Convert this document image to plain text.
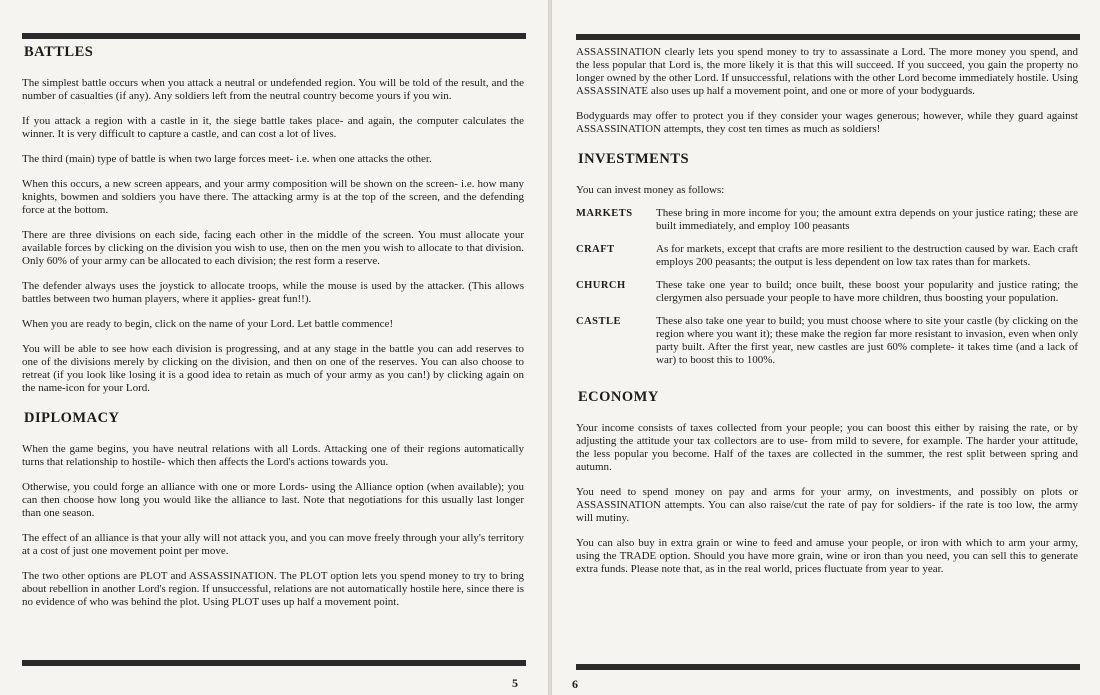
BATTLES

The simplest battle occurs when you attack a neutral or undefended region. You will be told of the result, and the number of casualties (if any). Any soldiers left from the neutral country become yours if you win.

If you attack a region with a castle in it, the siege battle takes place- and again, the computer calculates the winner. It is very difficult to capture a castle, and can cost a lot of lives.

The third (main) type of battle is when two large forces meet- i.e. when one attacks the other.

When this occurs, a new screen appears, and your army composition will be shown on the screen- i.e. how many knights, bowmen and soldiers you have there. The attacking army is at the top of the screen, and the defending force at the bottom.

There are three divisions on each side, facing each other in the middle of the screen. You must allocate your available forces by clicking on the division you wish to use, then on the men you wish to allocate to that division. Only 60% of your army can be allocated to each division; the rest form a reserve.

The defender always uses the joystick to allocate troops, while the mouse is used by the attacker. (This allows battles between two human players, where it applies- great fun!!).

When you are ready to begin, click on the name of your Lord. Let battle commence!

You will be able to see how each division is progressing, and at any stage in the battle you can add reserves to one of the divisions merely by clicking on the division, and then on one of the reserves. You can also choose to retreat (if you look like losing it is a good idea to retain as much of your army as you can!) by clicking again on the name-icon for your Lord.

DIPLOMACY

When the game begins, you have neutral relations with all Lords. Attacking one of their regions automatically turns that relationship to hostile- which then affects the Lord's actions towards you.

Otherwise, you could forge an alliance with one or more Lords- using the Alliance option (when available); you can then choose how long you would like the alliance to last. Note that negotiations for this usually last longer than one season.

The effect of an alliance is that your ally will not attack you, and you can move freely through your ally's territory at a cost of just one movement point per move.

The two other options are PLOT and ASSASSINATION. The PLOT option lets you spend money to try to bring about rebellion in another Lord's region. If unsuccessful, relations are not automatically hostile here, since there is no evidence of who was behind the plot. Using PLOT uses up half a movement point.

5

ASSASSINATION clearly lets you spend money to try to assassinate a Lord. The more money you spend, and the less popular that Lord is, the more likely it is that this will succeed. If you succeed, you gain the property no longer owned by the other Lord. If unsuccessful, relations with the other Lord become immediately hostile. Using ASSASSINATE also uses up half a movement point, and one or more of your bodyguards.

Bodyguards may offer to protect you if they consider your wages generous; however, while they guard against ASSASSINATION attempts, they cost ten times as much as soldiers!

INVESTMENTS

You can invest money as follows:

MARKETS	These bring in more income for you; the amount extra depends on your justice rating; these are built immediately, and employ 100 peasants
CRAFT	As for markets, except that crafts are more resilient to the destruction caused by war. Each craft employs 200 peasants; the output is less dependent on low tax rates than for markets.
CHURCH	These take one year to build; once built, these boost your popularity and justice rating; the clergymen also persuade your people to have more children, thus boosting your population.
CASTLE	These also take one year to build; you must choose where to site your castle (by clicking on the region where you want it); these make the region far more resistant to invasion, even when only party built. After the first year, new castles are just 60% complete- it takes time (and a lack of war) to boost this to 100%.
ECONOMY

Your income consists of taxes collected from your people; you can boost this either by raising the rate, or by adjusting the attitude your tax collectors are to use- from mild to severe, for example. The harder your attitude, the less popular you become. Half of the taxes are collected in the summer, the rest split between spring and autumn.

You need to spend money on pay and arms for your army, on investments, and possibly on plots or ASSASSINATION attempts. You can also raise/cut the rate of pay for soldiers- if the rate is too low, the army will mutiny.

You can also buy in extra grain or wine to feed and amuse your people, or iron with which to arm your army, using the TRADE option. Should you have more grain, wine or iron than you need, you can sell this to generate extra funds. Please note that, as in the real world, prices fluctuate from year to year.

6
